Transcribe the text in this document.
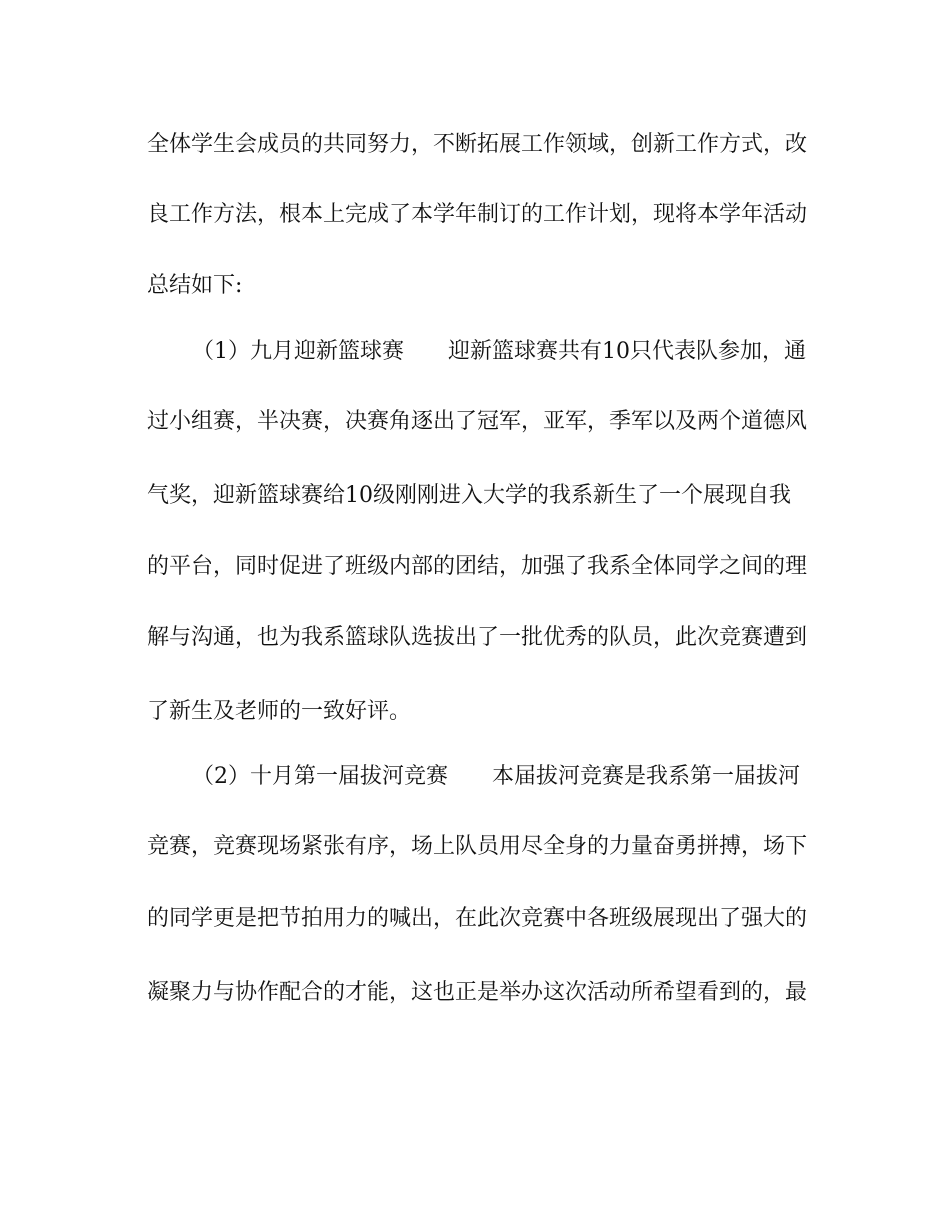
全体学生会成员的共同努力，不断拓展工作领域，创新工作方式，改
良工作方法，根本上完成了本学年制订的工作计划，现将本学年活动
总结如下:
（1）九月迎新篮球赛 迎新篮球赛共有10只代表队参加，通
过小组赛，半决赛，决赛角逐出了冠军，亚军，季军以及两个道德风
气奖，迎新篮球赛给10级刚刚进入大学的我系新生了一个展现自我
的平台，同时促进了班级内部的团结，加强了我系全体同学之间的理
解与沟通，也为我系篮球队选拔出了一批优秀的队员，此次竞赛遭到
了新生及老师的一致好评。
（2）十月第一届拔河竞赛 本届拔河竞赛是我系第一届拔河
竞赛，竞赛现场紧张有序，场上队员用尽全身的力量奋勇拼搏，场下
的同学更是把节拍用力的喊出，在此次竞赛中各班级展现出了强大的
凝聚力与协作配合的才能，这也正是举办这次活动所希望看到的，最
